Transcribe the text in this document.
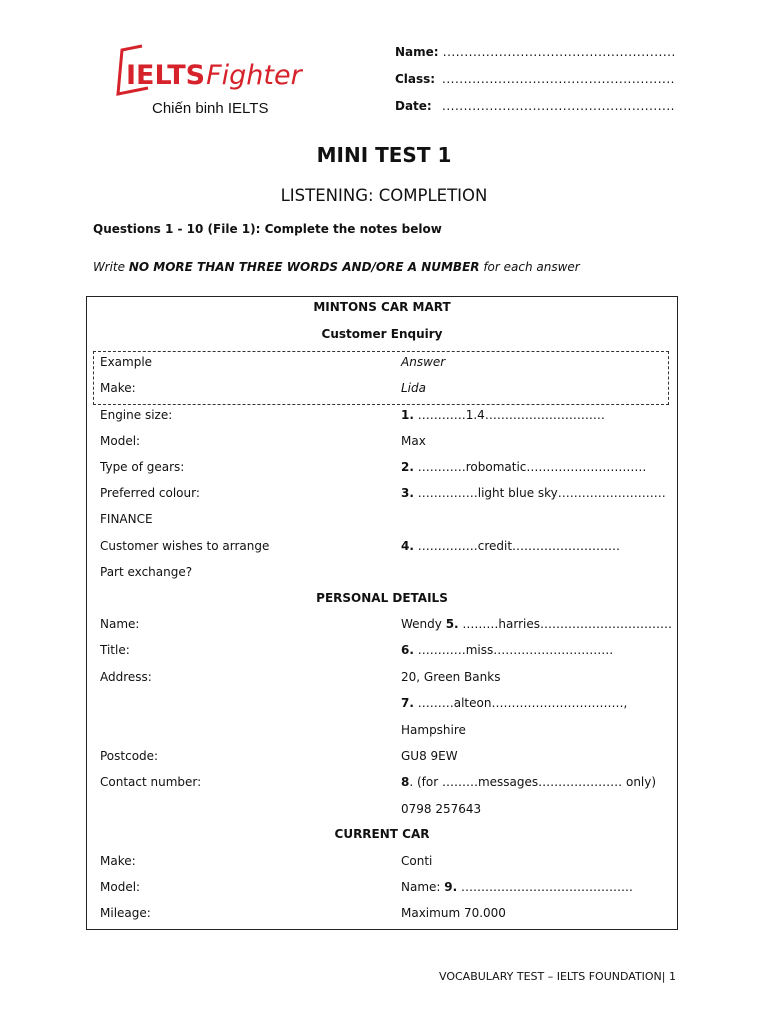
IELTSFighter
Chiến binh IELTS
Name: ......................................................
Class: ......................................................
Date: ......................................................
MINI TEST 1
LISTENING: COMPLETION
Questions 1 - 10 (File 1): Complete the notes below
Write NO MORE THAN THREE WORDS AND/ORE A NUMBER for each answer
MINTONS CAR MART
Customer Enquiry
Example	Answer
Make:	Lida
Engine size:	1. …………1.4…………………………
Model:	Max
Type of gears:	2. …………robomatic…………………………
Preferred colour:	3. ……………light blue sky………………………
FINANCE
Customer wishes to arrange	4. ……………credit………………………
Part exchange?
PERSONAL DETAILS
Name:	Wendy 5. ………harries……………………………
Title:	6. …………miss…………………………
Address:	20, Green Banks
7. ………alteon……………………………,
Hampshire
Postcode:	GU8 9EW
Contact number:	8. (for ………messages………………… only)
0798 257643
CURRENT CAR
Make:	Conti
Model:	Name: 9. …………………………………….
Mileage:	Maximum 70.000
VOCABULARY TEST – IELTS FOUNDATION| 1
